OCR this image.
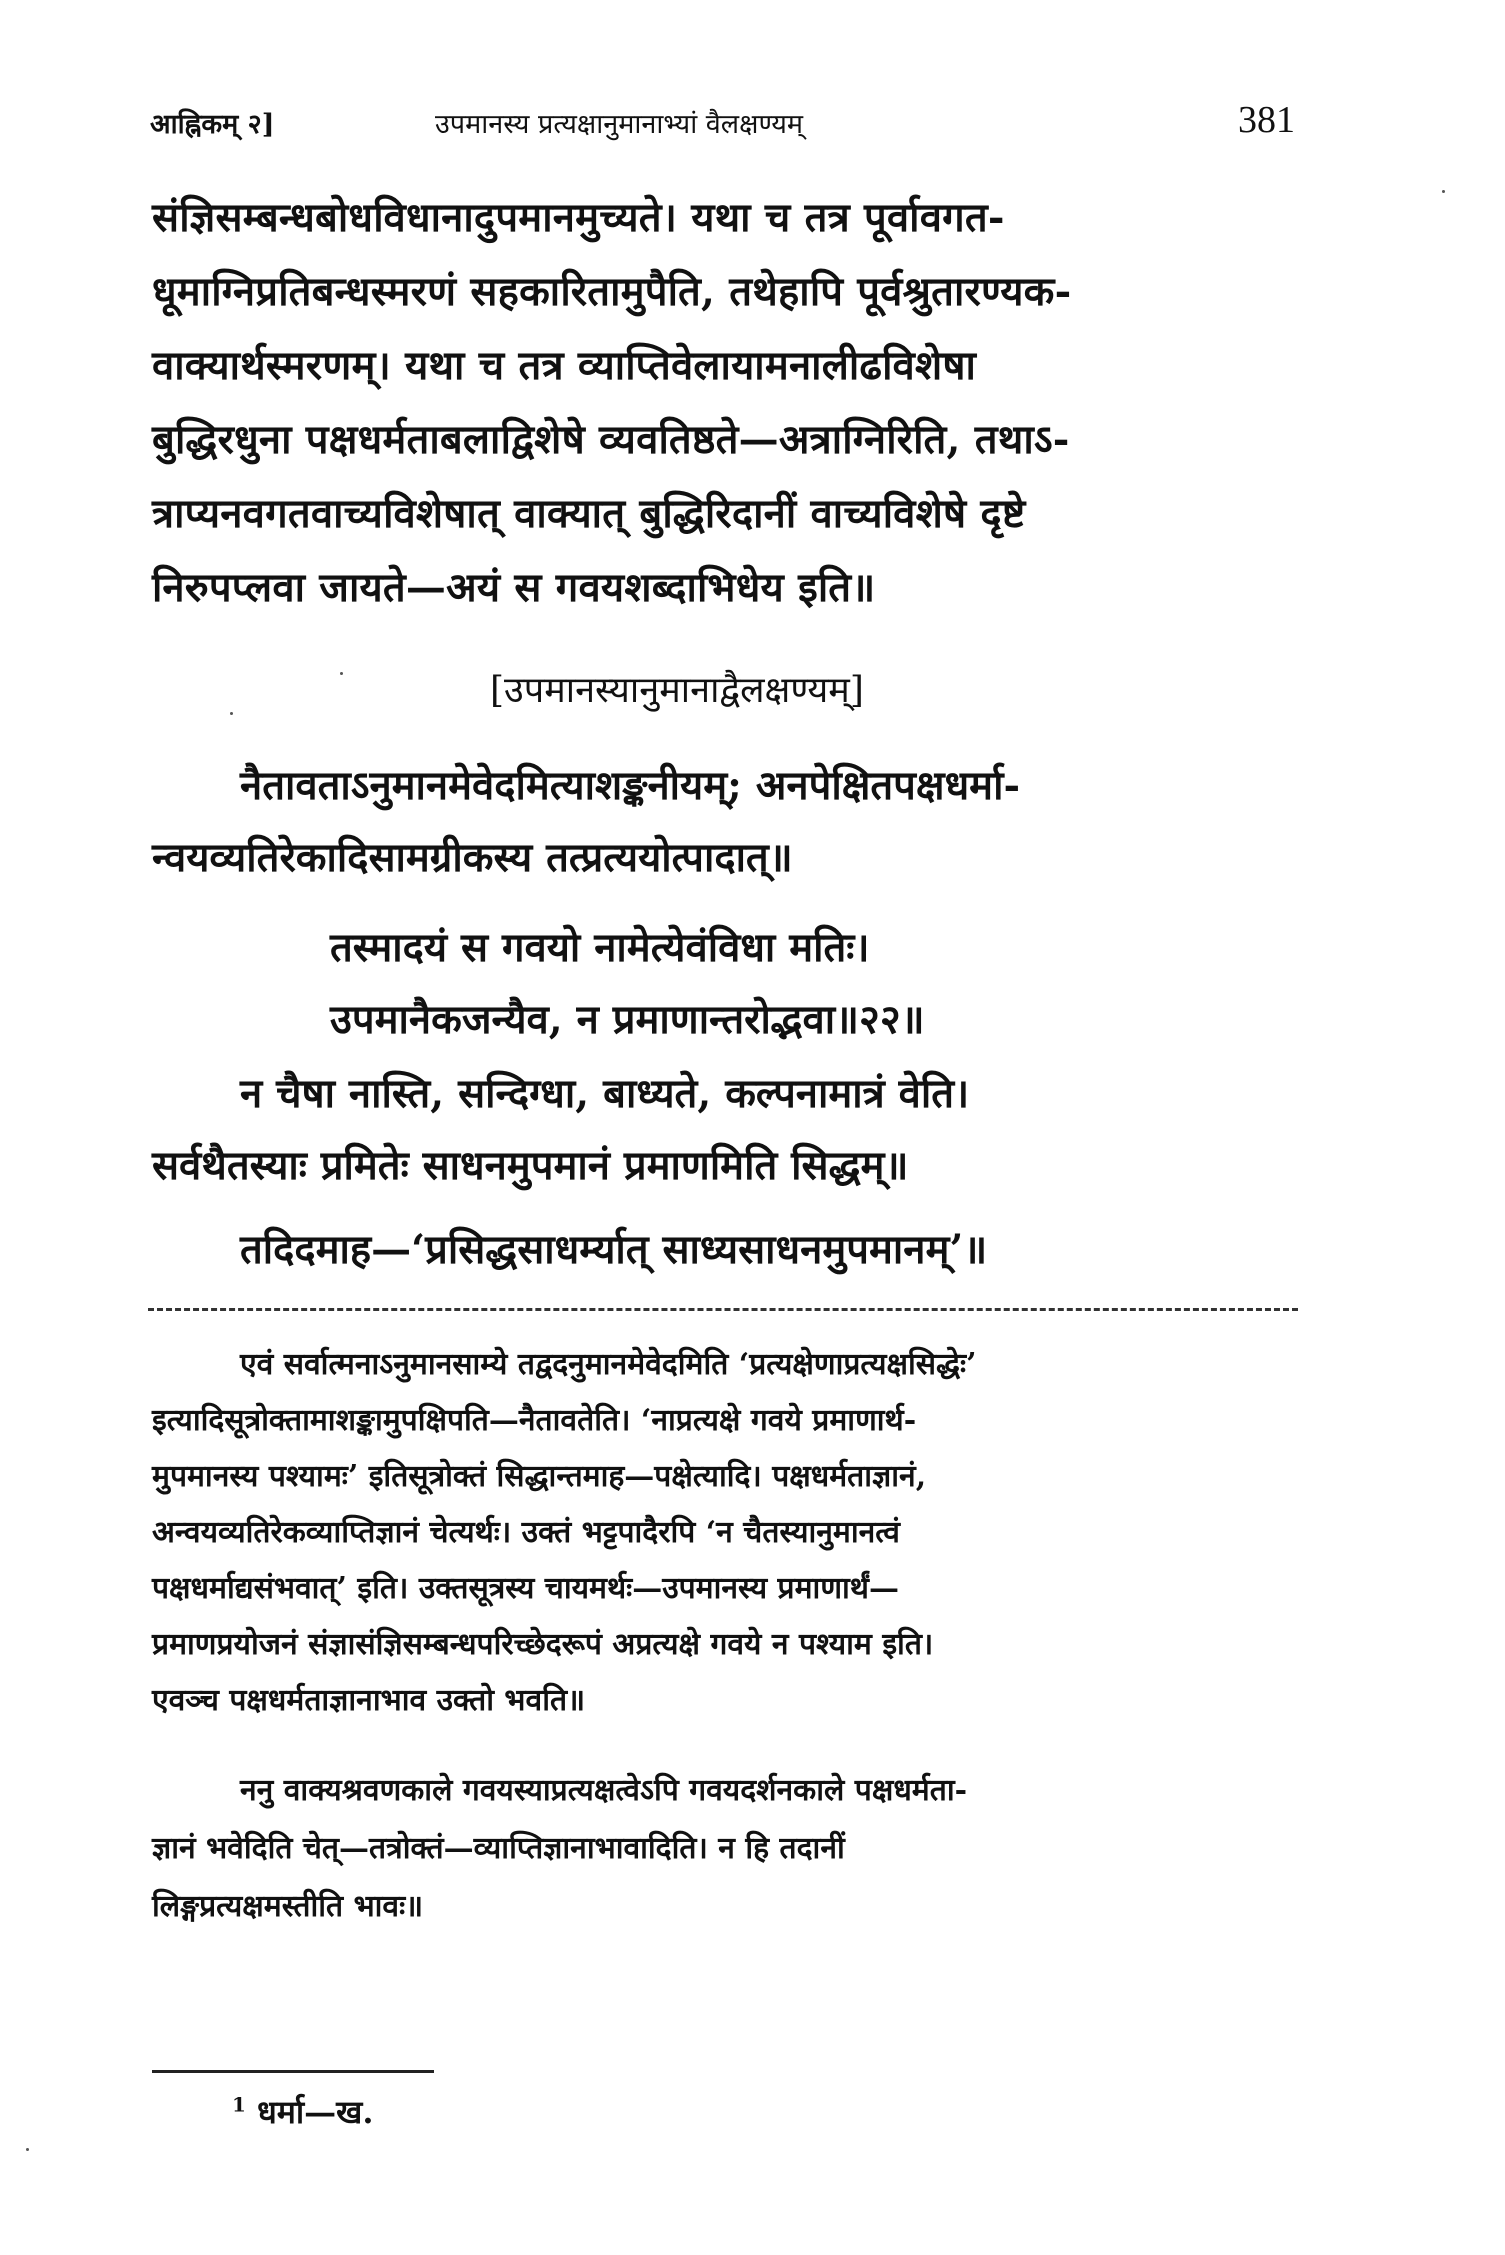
आह्निकम् २]	उपमानस्य प्रत्यक्षानुमानाभ्यां वैलक्षण्यम्	381
संज्ञिसम्बन्धबोधविधानादुपमानमुच्यते। यथा च तत्र पूर्वावगत-
धूमाग्निप्रतिबन्धस्मरणं सहकारितामुपैति, तथेहापि पूर्वश्रुतारण्यक-
वाक्यार्थस्मरणम्। यथा च तत्र व्याप्तिवेलायामनालीढविशेषा
बुद्धिरधुना पक्षधर्मताबलाद्विशेषे व्यवतिष्ठते—अत्राग्निरिति, तथाऽ-
त्राप्यनवगतवाच्यविशेषात् वाक्यात् बुद्धिरिदानीं वाच्यविशेषे दृष्टे
निरुपप्लवा जायते—अयं स गवयशब्दाभिधेय इति॥
[उपमानस्यानुमानाद्वैलक्षण्यम्]
नैतावताऽनुमानमेवेदमित्याशङ्कनीयम्; अनपेक्षितपक्षधर्मा-
न्वयव्यतिरेकादिसामग्रीकस्य तत्प्रत्ययोत्पादात्॥
तस्मादयं स गवयो नामेत्येवंविधा मतिः।
उपमानैकजन्यैव, न प्रमाणान्तरोद्भवा॥२२॥
न चैषा नास्ति, सन्दिग्धा, बाध्यते, कल्पनामात्रं वेति।
सर्वथैतस्याः प्रमितेः साधनमुपमानं प्रमाणमिति सिद्धम्॥
तदिदमाह—‘प्रसिद्धसाधर्म्यात् साध्यसाधनमुपमानम्’॥
एवं सर्वात्मनाऽनुमानसाम्ये तद्वदनुमानमेवेदमिति ‘प्रत्यक्षेणाप्रत्यक्षसिद्धेः’
इत्यादिसूत्रोक्तामाशङ्कामुपक्षिपति—नैतावतेति। ‘नाप्रत्यक्षे गवये प्रमाणार्थ-
मुपमानस्य पश्यामः’ इतिसूत्रोक्तं सिद्धान्तमाह—पक्षेत्यादि। पक्षधर्मताज्ञानं,
अन्वयव्यतिरेकव्याप्तिज्ञानं चेत्यर्थः। उक्तं भट्टपादैरपि ‘न चैतस्यानुमानत्वं
पक्षधर्माद्यसंभवात्’ इति। उक्तसूत्रस्य चायमर्थः—उपमानस्य प्रमाणार्थं—
प्रमाणप्रयोजनं संज्ञासंज्ञिसम्बन्धपरिच्छेदरूपं अप्रत्यक्षे गवये न पश्याम इति।
एवञ्च पक्षधर्मताज्ञानाभाव उक्तो भवति॥
ननु वाक्यश्रवणकाले गवयस्याप्रत्यक्षत्वेऽपि गवयदर्शनकाले पक्षधर्मता-
ज्ञानं भवेदिति चेत्—तत्रोक्तं—व्याप्तिज्ञानाभावादिति। न हि तदानीं
लिङ्गप्रत्यक्षमस्तीति भावः॥
$^1$ धर्मा—ख.
